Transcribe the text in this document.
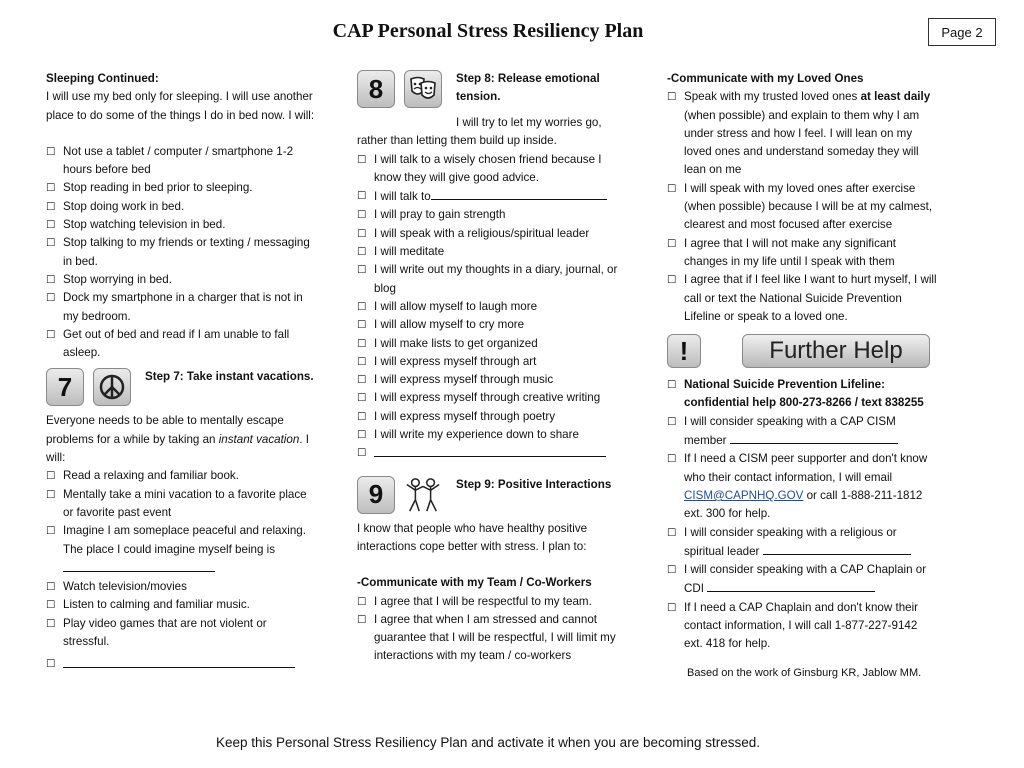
CAP Personal Stress Resiliency Plan	Page 2
Sleeping Continued:
I will use my bed only for sleeping. I will use another place to do some of the things I do in bed now. I will:
☐ Not use a tablet / computer / smartphone 1-2 hours before bed
☐ Stop reading in bed prior to sleeping.
☐ Stop doing work in bed.
☐ Stop watching television in bed.
☐ Stop talking to my friends or texting / messaging in bed.
☐ Stop worrying in bed.
☐ Dock my smartphone in a charger that is not in my bedroom.
☐ Get out of bed and read if I am unable to fall asleep.
7	Step 7: Take instant vacations.
Everyone needs to be able to mentally escape problems for a while by taking an instant vacation. I will:
☐ Read a relaxing and familiar book.
☐ Mentally take a mini vacation to a favorite place or favorite past event
☐ Imagine I am someplace peaceful and relaxing. The place I could imagine myself being is
☐ Watch television/movies
☐ Listen to calming and familiar music.
☐ Play video games that are not violent or stressful.
☐
8	Step 8: Release emotional tension.
I will try to let my worries go, rather than letting them build up inside.
☐ I will talk to a wisely chosen friend because I know they will give good advice.
☐ I will talk to
☐ I will pray to gain strength
☐ I will speak with a religious/spiritual leader
☐ I will meditate
☐ I will write out my thoughts in a diary, journal, or blog
☐ I will allow myself to laugh more
☐ I will allow myself to cry more
☐ I will make lists to get organized
☐ I will express myself through art
☐ I will express myself through music
☐ I will express myself through creative writing
☐ I will express myself through poetry
☐ I will write my experience down to share
☐
9	Step 9: Positive Interactions
I know that people who have healthy positive interactions cope better with stress. I plan to:
-Communicate with my Team / Co-Workers
☐ I agree that I will be respectful to my team.
☐ I agree that when I am stressed and cannot guarantee that I will be respectful, I will limit my interactions with my team / co-workers
-Communicate with my Loved Ones
☐ Speak with my trusted loved ones at least daily (when possible) and explain to them why I am under stress and how I feel. I will lean on my loved ones and understand someday they will lean on me
☐ I will speak with my loved ones after exercise (when possible) because I will be at my calmest, clearest and most focused after exercise
☐ I agree that I will not make any significant changes in my life until I speak with them
☐ I agree that if I feel like I want to hurt myself, I will call or text the National Suicide Prevention Lifeline or speak to a loved one.
!	Further Help
☐ National Suicide Prevention Lifeline: confidential help 800-273-8266 / text 838255
☐ I will consider speaking with a CAP CISM member
☐ If I need a CISM peer supporter and don't know who their contact information, I will email CISM@CAPNHQ.GOV or call 1-888-211-1812 ext. 300 for help.
☐ I will consider speaking with a religious or spiritual leader
☐ I will consider speaking with a CAP Chaplain or CDI
☐ If I need a CAP Chaplain and don't know their contact information, I will call 1-877-227-9142 ext. 418 for help.
Based on the work of Ginsburg KR, Jablow MM.
Keep this Personal Stress Resiliency Plan and activate it when you are becoming stressed.
